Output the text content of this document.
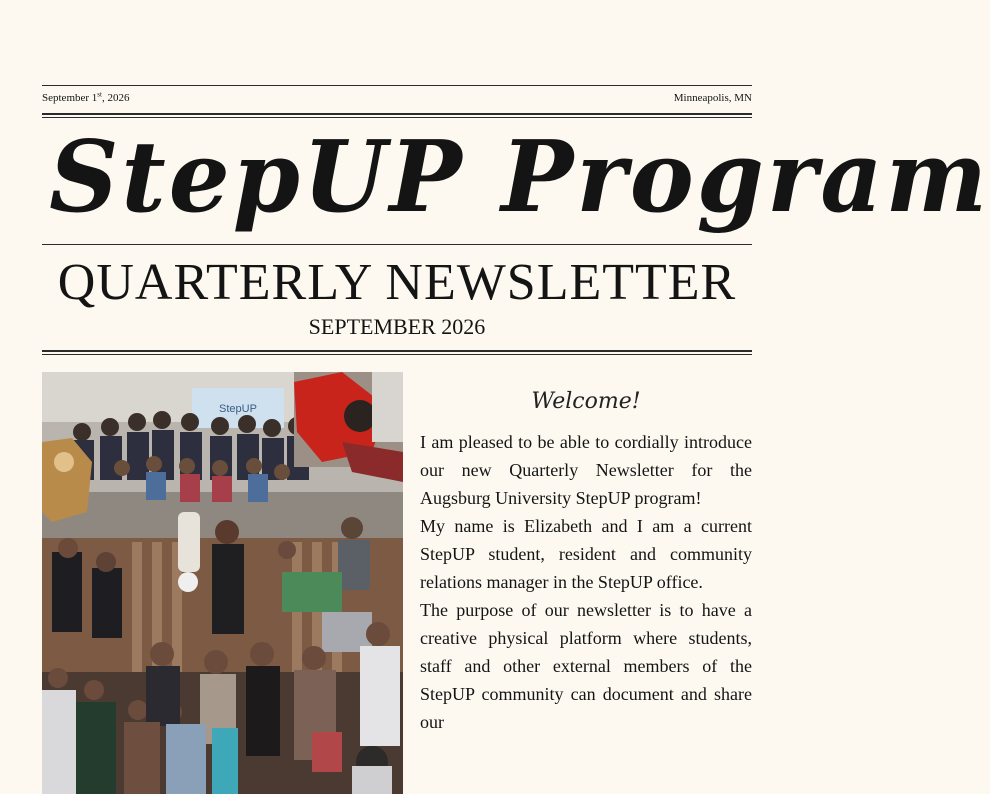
September 1st, 2026	Minneapolis, MN
StepUP Program
QUARTERLY NEWSLETTER
SEPTEMBER 2026
StepUP	Welcome!

I am pleased to be able to cordially introduce our new Quarterly Newsletter for the Augsburg University StepUP program!

My name is Elizabeth and I am a current StepUP student, resident and community relations manager in the StepUP office.

The purpose of our newsletter is to have a creative physical platform where students, staff and other external members of the StepUP community can document and share our
